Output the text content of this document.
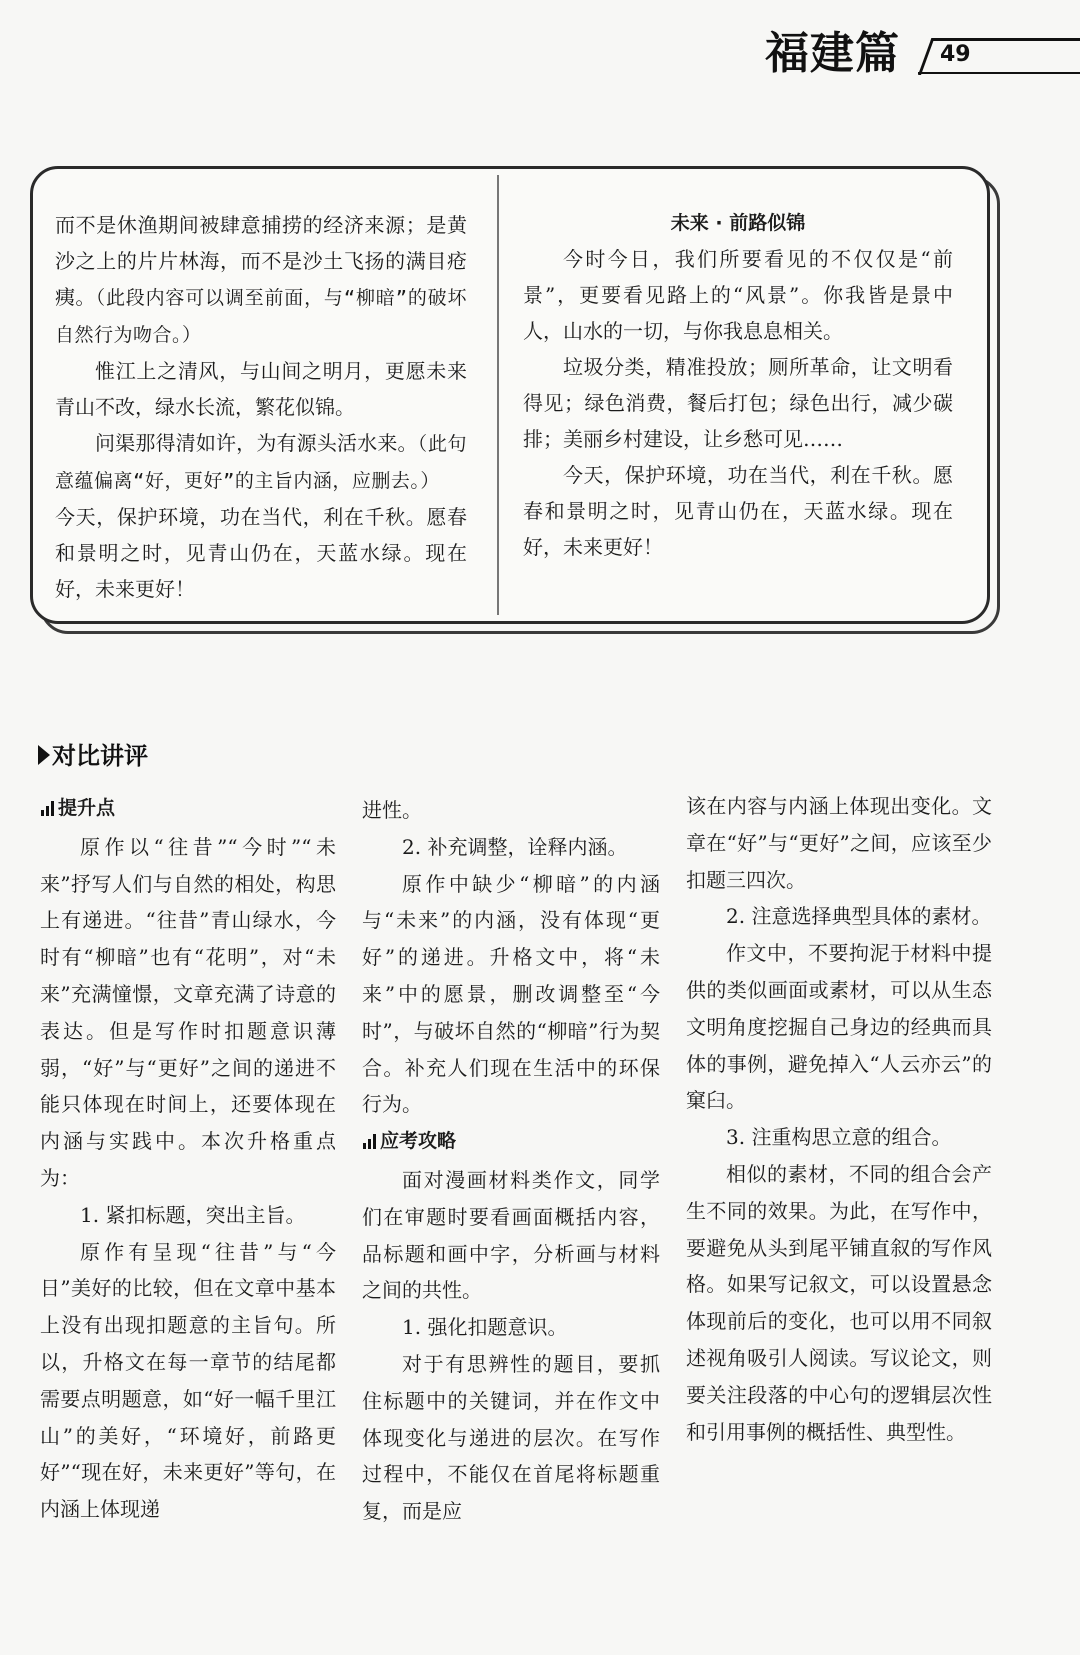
福建篇 49

而不是休渔期间被肆意捕捞的经济来源；是黄沙之上的片片林海，而不是沙土飞扬的满目疮痍。（此段内容可以调至前面，与“柳暗”的破坏自然行为吻合。）

惟江上之清风，与山间之明月，更愿未来青山不改，绿水长流，繁花似锦。

问渠那得清如许，为有源头活水来。（此句意蕴偏离“好，更好”的主旨内涵，应删去。）

今天，保护环境，功在当代，利在千秋。愿春和景明之时，见青山仍在，天蓝水绿。现在好，未来更好！

未来 · 前路似锦

今时今日，我们所要看见的不仅仅是“前景”，更要看见路上的“风景”。你我皆是景中人，山水的一切，与你我息息相关。

垃圾分类，精准投放；厕所革命，让文明看得见；绿色消费，餐后打包；绿色出行，减少碳排；美丽乡村建设，让乡愁可见……

今天，保护环境，功在当代，利在千秋。愿春和景明之时，见青山仍在，天蓝水绿。现在好，未来更好！

对比讲评

提升点

原作以“往昔”“今时”“未来”抒写人们与自然的相处，构思上有递进。“往昔”青山绿水，今时有“柳暗”也有“花明”，对“未来”充满憧憬，文章充满了诗意的表达。但是写作时扣题意识薄弱，“好”与“更好”之间的递进不能只体现在时间上，还要体现在内涵与实践中。本次升格重点为：

1. 紧扣标题，突出主旨。

原作有呈现“往昔”与“今日”美好的比较，但在文章中基本上没有出现扣题意的主旨句。所以，升格文在每一章节的结尾都需要点明题意，如“好一幅千里江山”的美好，“环境好，前路更好”“现在好，未来更好”等句，在内涵上体现递

进性。

2. 补充调整，诠释内涵。

原作中缺少“柳暗”的内涵与“未来”的内涵，没有体现“更好”的递进。升格文中，将“未来”中的愿景，删改调整至“今时”，与破坏自然的“柳暗”行为契合。补充人们现在生活中的环保行为。

应考攻略

面对漫画材料类作文，同学们在审题时要看画面概括内容，品标题和画中字，分析画与材料之间的共性。

1. 强化扣题意识。

对于有思辨性的题目，要抓住标题中的关键词，并在作文中体现变化与递进的层次。在写作过程中，不能仅在首尾将标题重复，而是应

该在内容与内涵上体现出变化。文章在“好”与“更好”之间，应该至少扣题三四次。

2. 注意选择典型具体的素材。

作文中，不要拘泥于材料中提供的类似画面或素材，可以从生态文明角度挖掘自己身边的经典而具体的事例，避免掉入“人云亦云”的窠臼。

3. 注重构思立意的组合。

相似的素材，不同的组合会产生不同的效果。为此，在写作中，要避免从头到尾平铺直叙的写作风格。如果写记叙文，可以设置悬念体现前后的变化，也可以用不同叙述视角吸引人阅读。写议论文，则要关注段落的中心句的逻辑层次性和引用事例的概括性、典型性。
